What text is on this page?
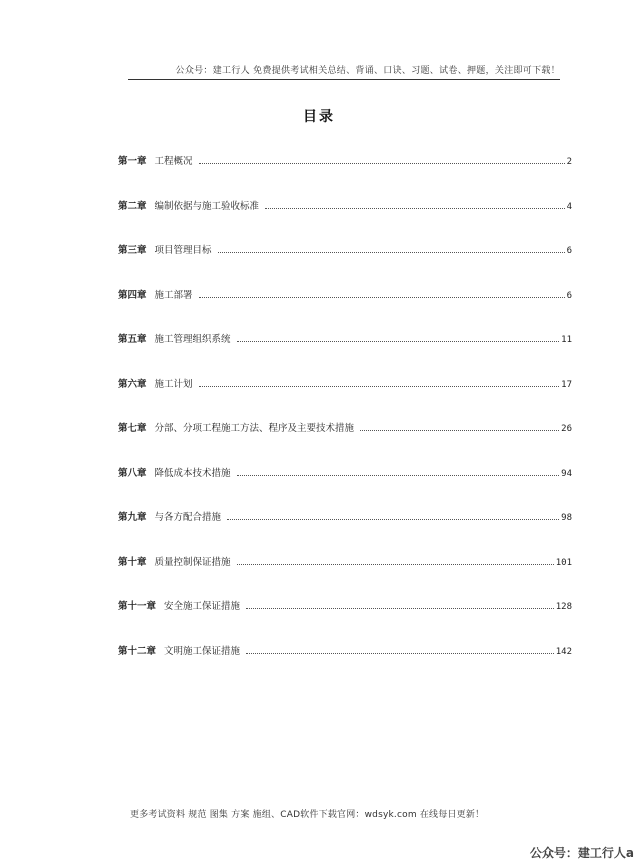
公众号：建工行人 免费提供考试相关总结、背诵、口诀、习题、试卷、押题，关注即可下载！
目录
第一章 工程概况	2
第二章 编制依据与施工验收标准	4
第三章 项目管理目标	6
第四章 施工部署	6
第五章 施工管理组织系统	11
第六章 施工计划	17
第七章 分部、分项工程施工方法、程序及主要技术措施	26
第八章 降低成本技术措施	94
第九章 与各方配合措施	98
第十章 质量控制保证措施	101
第十一章 安全施工保证措施	128
第十二章 文明施工保证措施	142
更多考试资料 规范 图集 方案 施组、CAD软件下载官网：wdsyk.com 在线每日更新！
公众号：建工行人a
